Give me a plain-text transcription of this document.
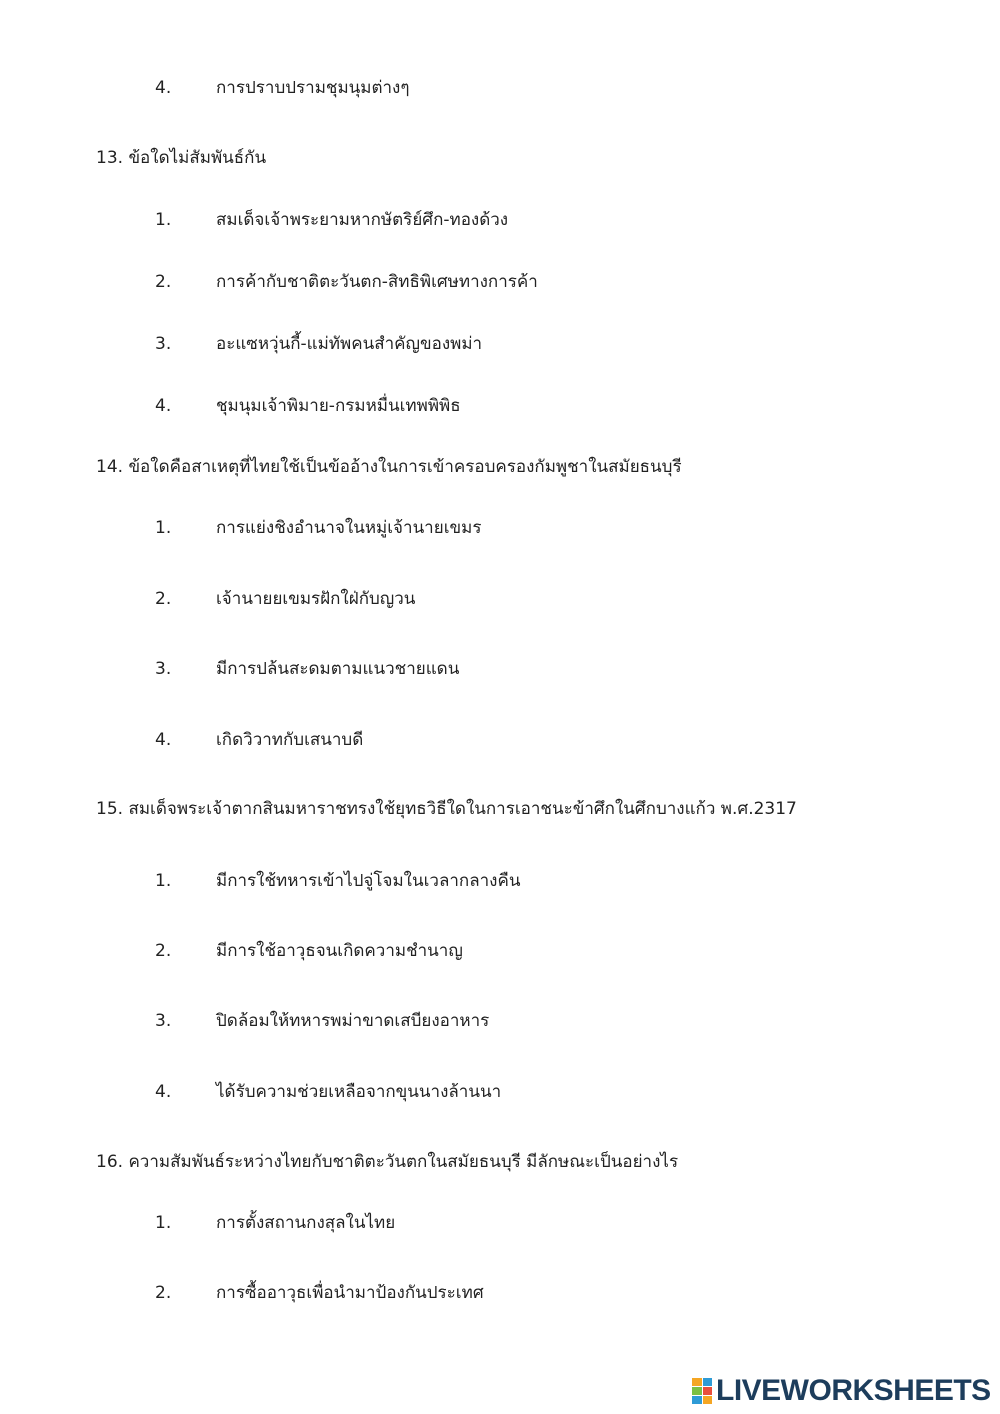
4.	การปราบปรามชุมนุมต่างๆ
13. ข้อใดไม่สัมพันธ์กัน
1.	สมเด็จเจ้าพระยามหากษัตริย์ศึก-ทองด้วง
2.	การค้ากับชาติตะวันตก-สิทธิพิเศษทางการค้า
3.	อะแซหวุ่นกี้-แม่ทัพคนสำคัญของพม่า
4.	ชุมนุมเจ้าพิมาย-กรมหมื่นเทพพิพิธ
14. ข้อใดคือสาเหตุที่ไทยใช้เป็นข้ออ้างในการเข้าครอบครองกัมพูชาในสมัยธนบุรี
1.	การแย่งชิงอำนาจในหมู่เจ้านายเขมร
2.	เจ้านายยเขมรฝักใฝ่กับญวน
3.	มีการปล้นสะดมตามแนวชายแดน
4.	เกิดวิวาทกับเสนาบดี
15. สมเด็จพระเจ้าตากสินมหาราชทรงใช้ยุทธวิธีใดในการเอาชนะข้าศึกในศึกบางแก้ว พ.ศ.2317
1.	มีการใช้ทหารเข้าไปจู่โจมในเวลากลางคืน
2.	มีการใช้อาวุธจนเกิดความชำนาญ
3.	ปิดล้อมให้ทหารพม่าขาดเสบียงอาหาร
4.	ได้รับความช่วยเหลือจากขุนนางล้านนา
16. ความสัมพันธ์ระหว่างไทยกับชาติตะวันตกในสมัยธนบุรี มีลักษณะเป็นอย่างไร
1.	การตั้งสถานกงสุลในไทย
2.	การซื้ออาวุธเพื่อนำมาป้องกันประเทศ
LIVEWORKSHEETS
